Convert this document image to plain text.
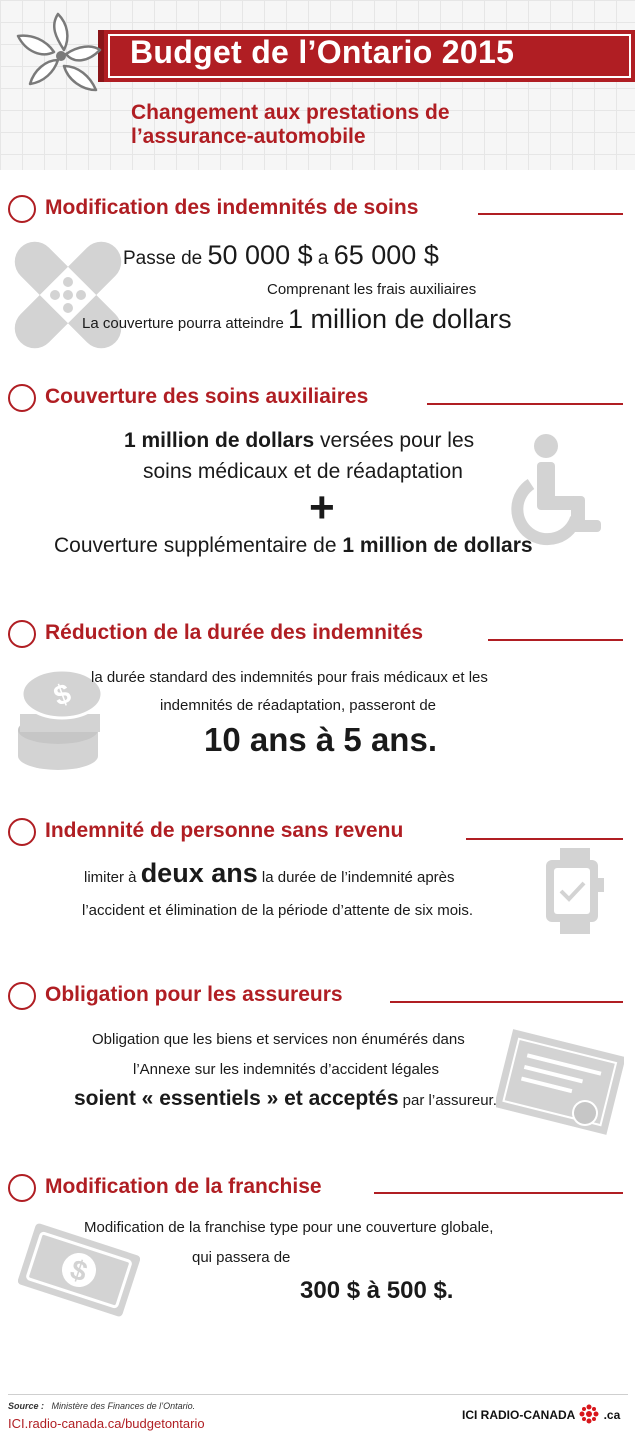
Budget de l’Ontario 2015
Changement aux prestations de
l’assurance-automobile
Modification des indemnités de soins
Passe de 50 000 $ a 65 000 $
Comprenant les frais auxiliaires
La couverture pourra atteindre 1 million de dollars
Couverture des soins auxiliaires
1 million de dollars versées pour les
soins médicaux et de réadaptation
+
Couverture supplémentaire de 1 million de dollars
Réduction de la durée des indemnités
$ la durée standard des indemnités pour frais médicaux et les
indemnités de réadaptation, passeront de
10 ans à 5 ans.
Indemnité de personne sans revenu
limiter à deux ans la durée de l’indemnité après
l’accident et élimination de la période d’attente de six mois.
Obligation pour les assureurs
Obligation que les biens et services non énumérés dans
l’Annexe sur les indemnités d’accident légales
soient « essentiels » et acceptés par l’assureur.
Modification de la franchise
$
Modification de la franchise type pour une couverture globale,
qui passera de
300 $ à 500 $.
Source : Ministère des Finances de l’Ontario.
ICI.radio-canada.ca/budgetontario
ICI RADIO-CANADA .ca
